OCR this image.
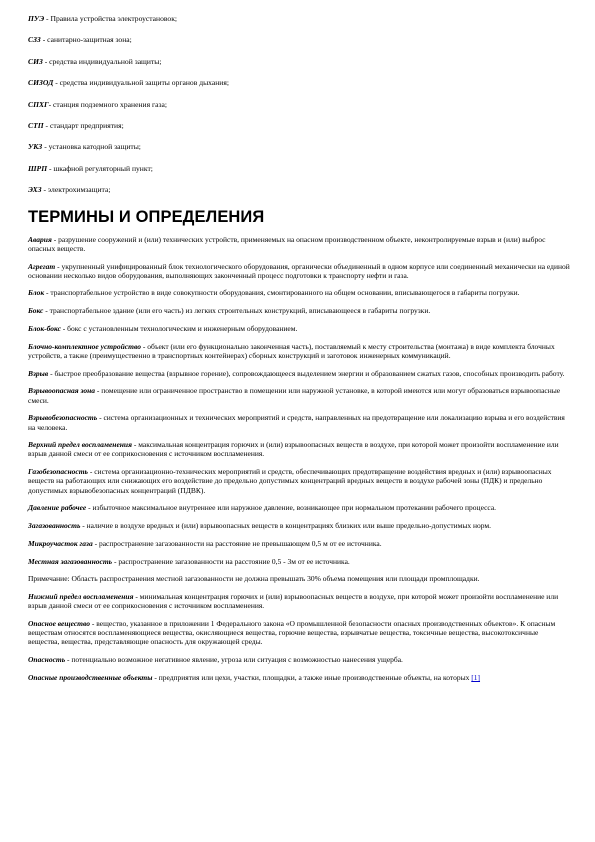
ПУЭ - Правила устройства электроустановок;
СЗЗ - санитарно-защитная зона;
СИЗ - средства индивидуальной защиты;
СИЗОД - средства индивидуальной защиты органов дыхания;
СПХГ- станция подземного хранения газа;
СТП - стандарт предприятия;
УКЗ - установка катодной защиты;
ШРП - шкафной регуляторный пункт;
ЭХЗ - электрохимзащита;
ТЕРМИНЫ И ОПРЕДЕЛЕНИЯ
Авария - разрушение сооружений и (или) технических устройств, применяемых на опасном производственном объекте, неконтролируемые взрыв и (или) выброс опасных веществ.
Агрегат - укрупненный унифицированный блок технологического оборудования, органически объединенный в одном корпусе или соединенный механически на единой основании несколько видов оборудования, выполняющих законченный процесс подготовки к транспорту нефти и газа.
Блок - транспортабельное устройство в виде совокупности оборудования, смонтированного на общем основании, вписывающегося в габариты погрузки.
Бокс - транспортабельное здание (или его часть) из легких строительных конструкций, вписывающееся в габариты погрузки.
Блок-бокс - бокс с установленным технологическим и инженерным оборудованием.
Блочно-комплектное устройство - объект (или его функционально законченная часть), поставляемый к месту строительства (монтажа) в виде комплекта блочных устройств, а также (преимущественно в транспортных контейнерах) сборных конструкций и заготовок инженерных коммуникаций.
Взрыв - быстрое преобразование вещества (взрывное горение), сопровождающееся выделением энергии и образованием сжатых газов, способных производить работу.
Взрывоопасная зона - помещение или ограниченное пространство в помещении или наружной установке, в которой имеются или могут образоваться взрывоопасные смеси.
Взрывобезопасность - система организационных и технических мероприятий и средств, направленных на предотвращение или локализацию взрыва и его воздействия на человека.
Верхний предел воспламенения - максимальная концентрация горючих и (или) взрывоопасных веществ в воздухе, при которой может произойти воспламенение или взрыв данной смеси от ее соприкосновения с источником воспламенения.
Газобезопасность - система организационно-технических мероприятий и средств, обеспечивающих предотвращение воздействия вредных и (или) взрывоопасных веществ на работающих или снижающих его воздействие до предельно допустимых концентраций вредных веществ в воздухе рабочей зоны (ПДК) и предельно допустимых взрывобезопасных концентраций (ПДВК).
Давление рабочее - избыточное максимальное внутреннее или наружное давление, возникающее при нормальном протекании рабочего процесса.
Загазованность - наличие в воздухе вредных и (или) взрывоопасных веществ в концентрациях близких или выше предельно-допустимых норм.
Микроучасток газа - распространение загазованности на расстояние не превышающем 0,5 м от ее источника.
Местная загазованность - распространение загазованности на расстояние 0,5 - 3м от ее источника.
Примечание: Область распространения местной загазованности не должна превышать 30% объема помещения или площади промплощадки.
Нижний предел воспламенения - минимальная концентрация горючих и (или) взрывоопасных веществ в воздухе, при которой может произойти воспламенение или взрыв данной смеси от ее соприкосновения с источником воспламенения.
Опасное вещество - вещество, указанное в приложении 1 Федерального закона «О промышленной безопасности опасных производственных объектов». К опасным веществам относятся воспламеняющиеся вещества, окисляющиеся вещества, горючие вещества, взрывчатые вещества, токсичные вещества, высокотоксичные вещества, вещества, представляющие опасность для окружающей среды.
Опасность - потенциально возможное негативное явление, угроза или ситуация с возможностью нанесения ущерба.
Опасные производственные объекты - предприятия или цехи, участки, площадки, а также иные производственные объекты, на которых [1]
